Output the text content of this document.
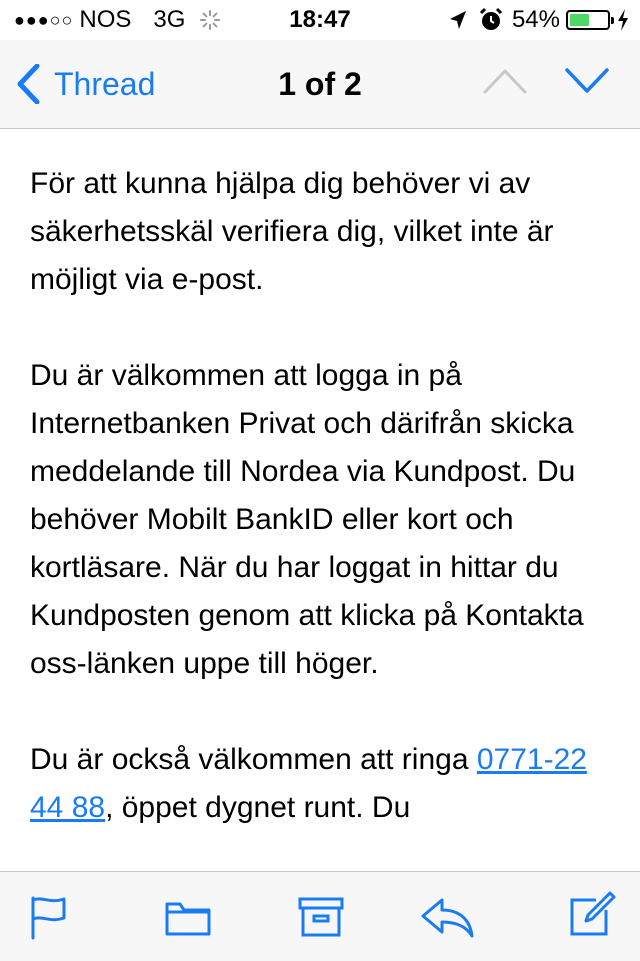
●●●○○ NOS 3G	18:47	54%
Thread	1 of 2

För att kunna hjälpa dig behöver vi av säkerhetsskäl verifiera dig, vilket inte är möjligt via e-post.

Du är välkommen att logga in på Internetbanken Privat och därifrån skicka meddelande till Nordea via Kundpost. Du behöver Mobilt BankID eller kort och kortläsare. När du har loggat in hittar du Kundposten genom att klicka på Kontakta oss-länken uppe till höger.

Du är också välkommen att ringa 0771-22 44 88, öppet dygnet runt. Du
